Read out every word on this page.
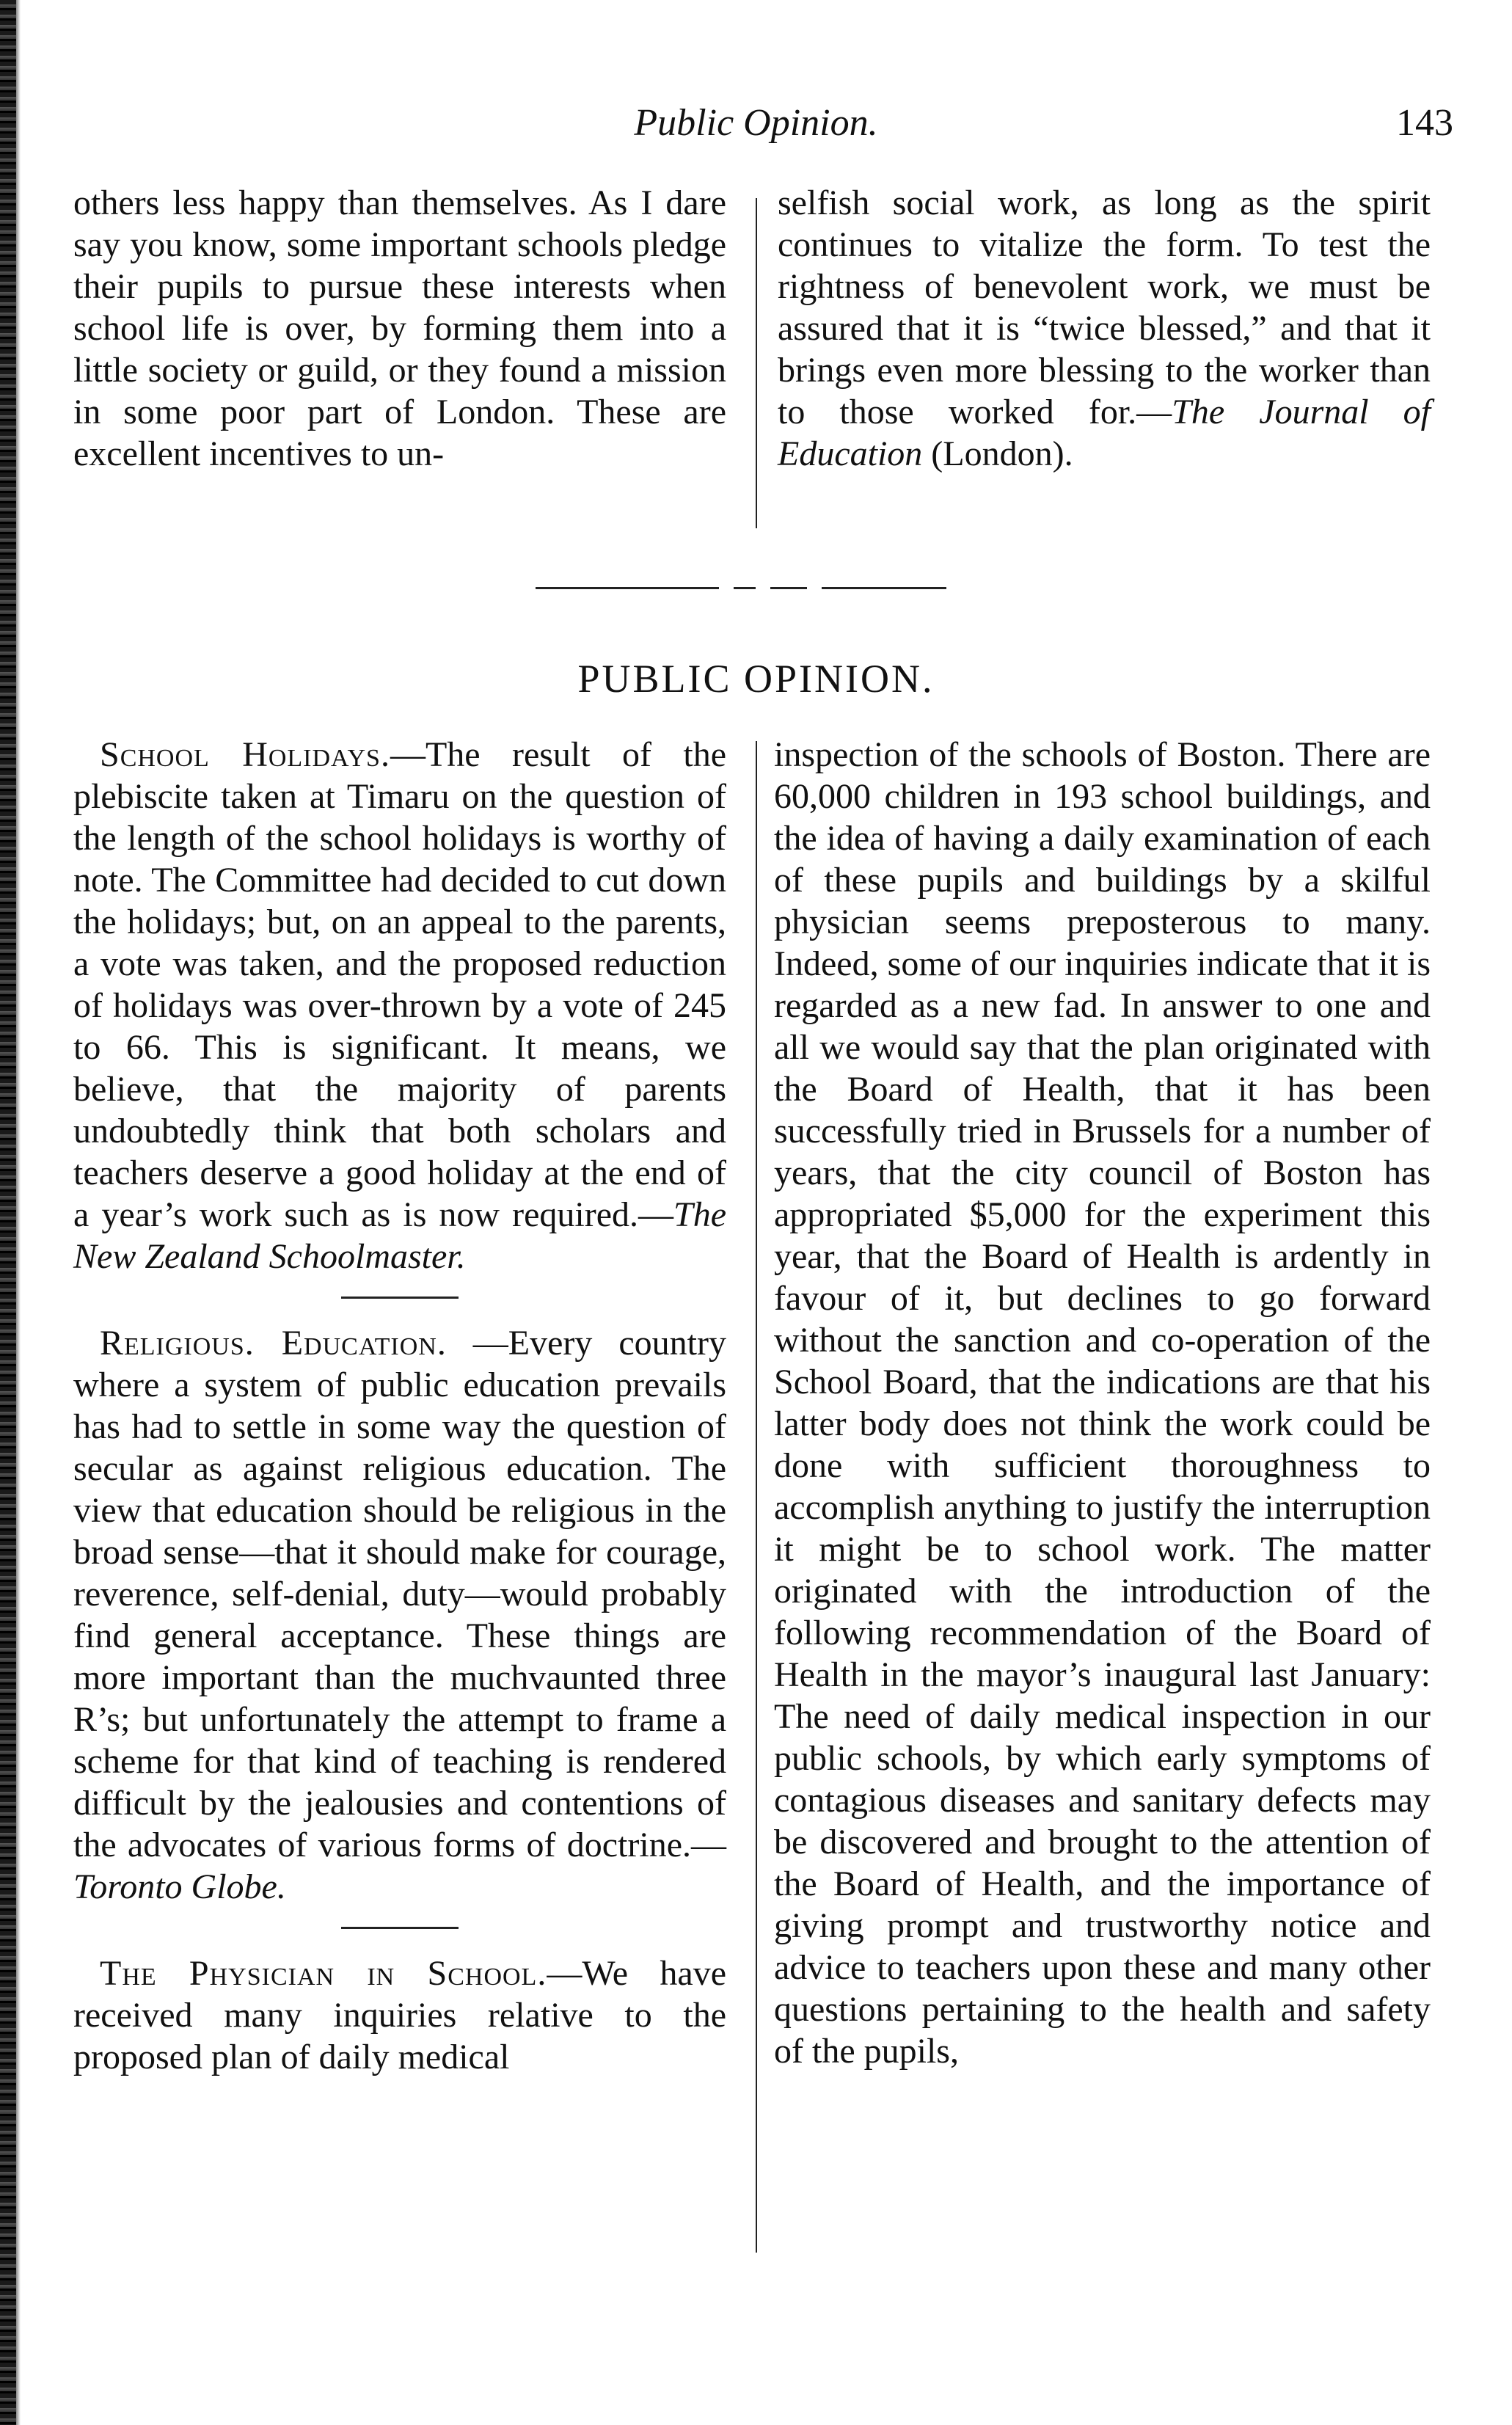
Public Opinion.	143

others less happy than themselves. As I dare say you know, some important schools pledge their pupils to pursue these interests when school life is over, by forming them into a little society or guild, or they found a mission in some poor part of London. These are excellent incentives to un-

selfish social work, as long as the spirit continues to vitalize the form. To test the rightness of benevolent work, we must be assured that it is “twice blessed,” and that it brings even more blessing to the worker than to those worked for.—The Journal of Education (London).

PUBLIC OPINION.

School Holidays.—The result of the plebiscite taken at Timaru on the question of the length of the school holidays is worthy of note. The Committee had decided to cut down the holidays; but, on an appeal to the parents, a vote was taken, and the proposed reduction of holidays was over-thrown by a vote of 245 to 66. This is significant. It means, we believe, that the majority of parents undoubtedly think that both scholars and teachers deserve a good holiday at the end of a year’s work such as is now required.—The New Zealand Schoolmaster.

Religious. Education. —Every country where a system of public education prevails has had to settle in some way the question of secular as against religious education. The view that education should be religious in the broad sense—that it should make for courage, reverence, self-denial, duty—would probably find general acceptance. These things are more important than the muchvaunted three R’s; but unfortunately the attempt to frame a scheme for that kind of teaching is rendered difficult by the jealousies and contentions of the advocates of various forms of doctrine.— Toronto Globe.

The Physician in School.—We have received many inquiries relative to the proposed plan of daily medical

inspection of the schools of Boston. There are 60,000 children in 193 school buildings, and the idea of having a daily examination of each of these pupils and buildings by a skilful physician seems preposterous to many. Indeed, some of our inquiries indicate that it is regarded as a new fad. In answer to one and all we would say that the plan originated with the Board of Health, that it has been successfully tried in Brussels for a number of years, that the city council of Boston has appropriated $5,000 for the experiment this year, that the Board of Health is ardently in favour of it, but declines to go forward without the sanction and co-operation of the School Board, that the indications are that his latter body does not think the work could be done with sufficient thoroughness to accomplish anything to justify the interruption it might be to school work. The matter originated with the introduction of the following recommendation of the Board of Health in the mayor’s inaugural last January: The need of daily medical inspection in our public schools, by which early symptoms of contagious diseases and sanitary defects may be discovered and brought to the attention of the Board of Health, and the importance of giving prompt and trustworthy notice and advice to teachers upon these and many other questions pertaining to the health and safety of the pupils,
